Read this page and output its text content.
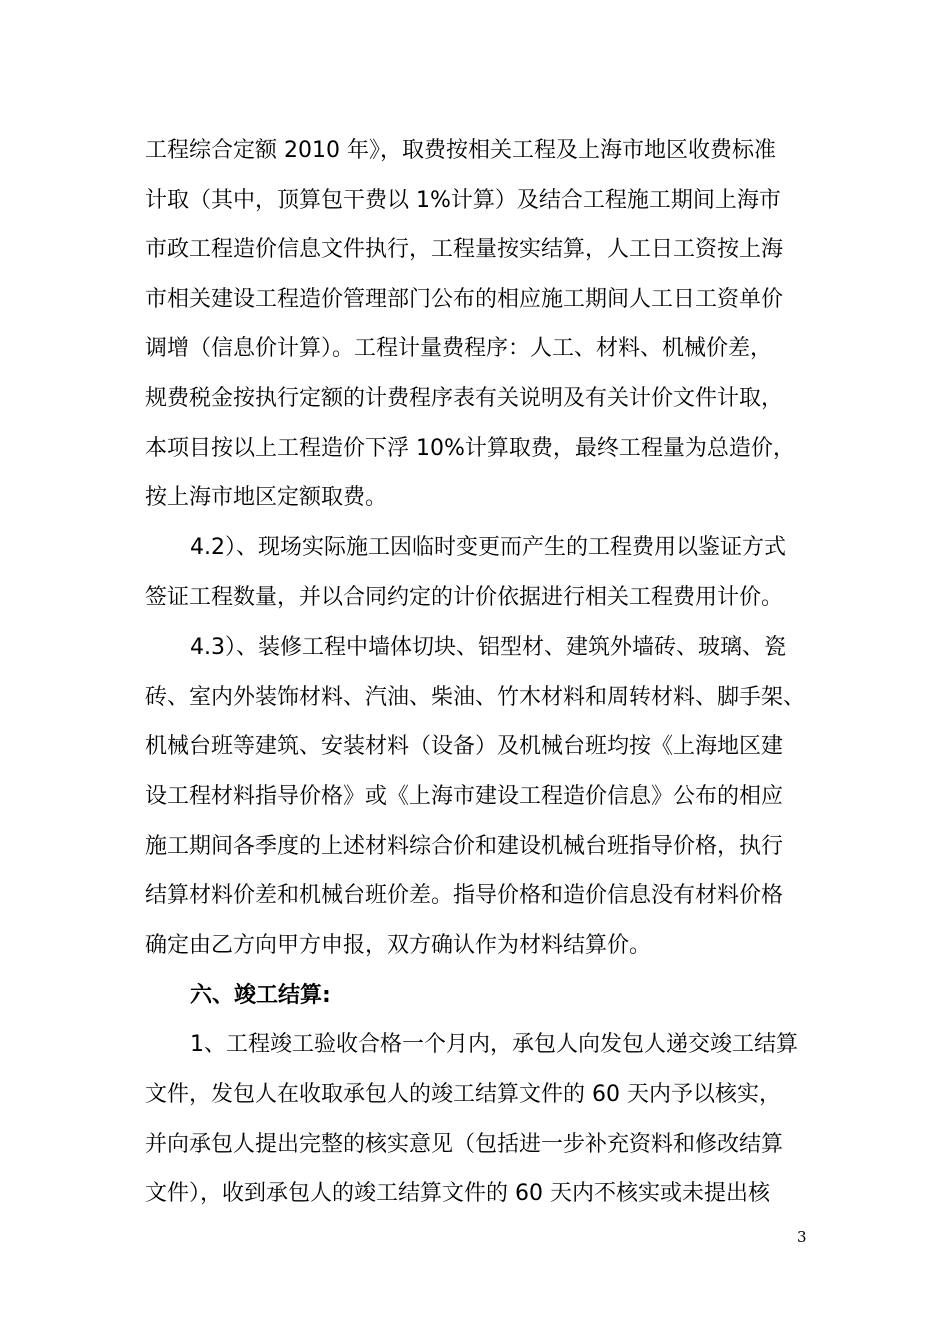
工程综合定额 2010 年》，取费按相关工程及上海市地区收费标准

计取（其中，顶算包干费以 1%计算）及结合工程施工期间上海市

市政工程造价信息文件执行，工程量按实结算，人工日工资按上海

市相关建设工程造价管理部门公布的相应施工期间人工日工资单价

调增（信息价计算）。工程计量费程序：人工、材料、机械价差，

规费税金按执行定额的计费程序表有关说明及有关计价文件计取，

本项目按以上工程造价下浮 10%计算取费，最终工程量为总造价，

按上海市地区定额取费。

4.2）、现场实际施工因临时变更而产生的工程费用以鉴证方式

签证工程数量，并以合同约定的计价依据进行相关工程费用计价。

4.3）、装修工程中墙体切块、铝型材、建筑外墙砖、玻璃、瓷

砖、室内外装饰材料、汽油、柴油、竹木材料和周转材料、脚手架、

机械台班等建筑、安装材料（设备）及机械台班均按《上海地区建

设工程材料指导价格》或《上海市建设工程造价信息》公布的相应

施工期间各季度的上述材料综合价和建设机械台班指导价格，执行

结算材料价差和机械台班价差。指导价格和造价信息没有材料价格

确定由乙方向甲方申报，双方确认作为材料结算价。

六、竣工结算:

1、工程竣工验收合格一个月内，承包人向发包人递交竣工结算

文件，发包人在收取承包人的竣工结算文件的 60 天内予以核实，

并向承包人提出完整的核实意见（包括进一步补充资料和修改结算

文件），收到承包人的竣工结算文件的 60 天内不核实或未提出核

3
